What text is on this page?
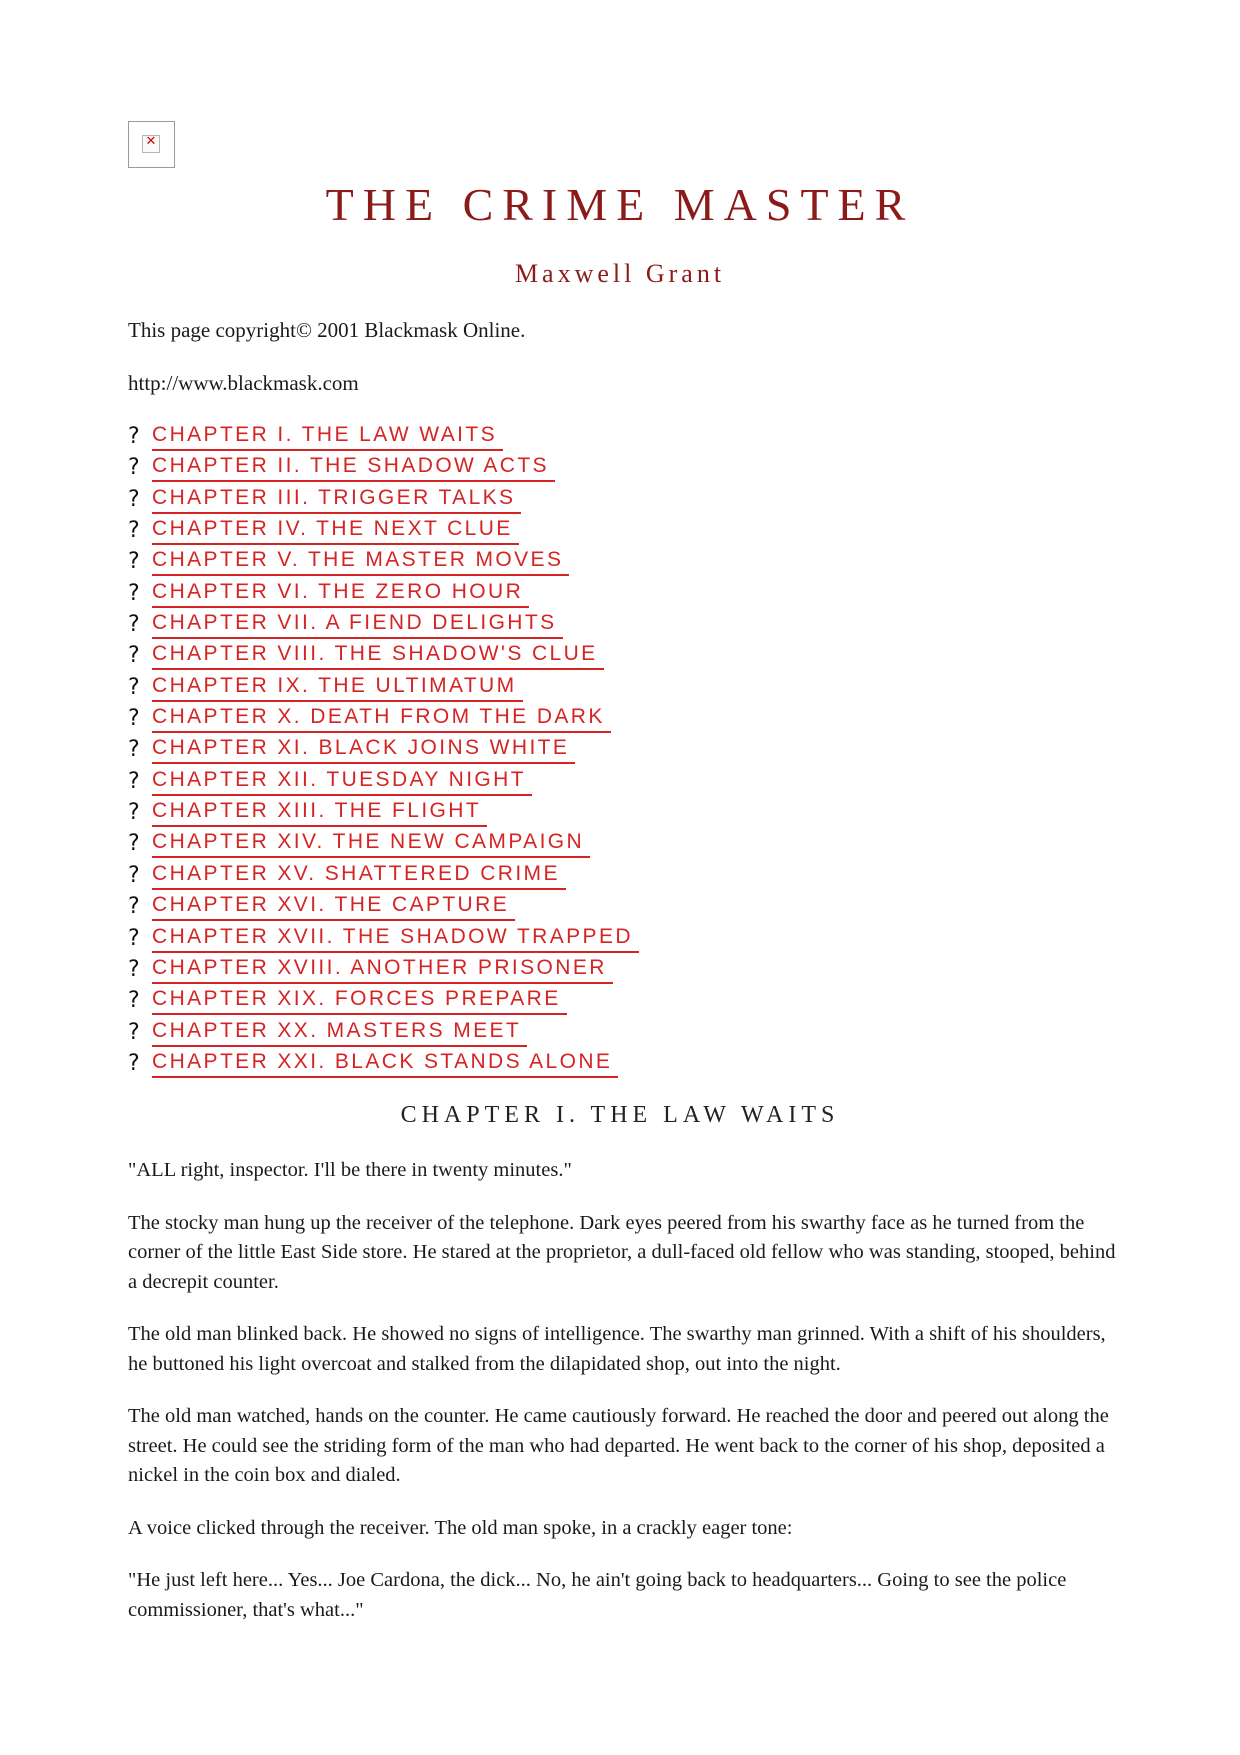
✕
THE CRIME MASTER

Maxwell Grant

This page copyright© 2001 Blackmask Online.

http://www.blackmask.com

? CHAPTER I. THE LAW WAITS
? CHAPTER II. THE SHADOW ACTS
? CHAPTER III. TRIGGER TALKS
? CHAPTER IV. THE NEXT CLUE
? CHAPTER V. THE MASTER MOVES
? CHAPTER VI. THE ZERO HOUR
? CHAPTER VII. A FIEND DELIGHTS
? CHAPTER VIII. THE SHADOW'S CLUE
? CHAPTER IX. THE ULTIMATUM
? CHAPTER X. DEATH FROM THE DARK
? CHAPTER XI. BLACK JOINS WHITE
? CHAPTER XII. TUESDAY NIGHT
? CHAPTER XIII. THE FLIGHT
? CHAPTER XIV. THE NEW CAMPAIGN
? CHAPTER XV. SHATTERED CRIME
? CHAPTER XVI. THE CAPTURE
? CHAPTER XVII. THE SHADOW TRAPPED
? CHAPTER XVIII. ANOTHER PRISONER
? CHAPTER XIX. FORCES PREPARE
? CHAPTER XX. MASTERS MEET
? CHAPTER XXI. BLACK STANDS ALONE
CHAPTER I. THE LAW WAITS

"ALL right, inspector. I'll be there in twenty minutes."

The stocky man hung up the receiver of the telephone. Dark eyes peered from his swarthy face as he turned from the corner of the little East Side store. He stared at the proprietor, a dull-faced old fellow who was standing, stooped, behind a decrepit counter.

The old man blinked back. He showed no signs of intelligence. The swarthy man grinned. With a shift of his shoulders, he buttoned his light overcoat and stalked from the dilapidated shop, out into the night.

The old man watched, hands on the counter. He came cautiously forward. He reached the door and peered out along the street. He could see the striding form of the man who had departed. He went back to the corner of his shop, deposited a nickel in the coin box and dialed.

A voice clicked through the receiver. The old man spoke, in a crackly eager tone:

"He just left here... Yes... Joe Cardona, the dick... No, he ain't going back to headquarters... Going to see the police commissioner, that's what..."
